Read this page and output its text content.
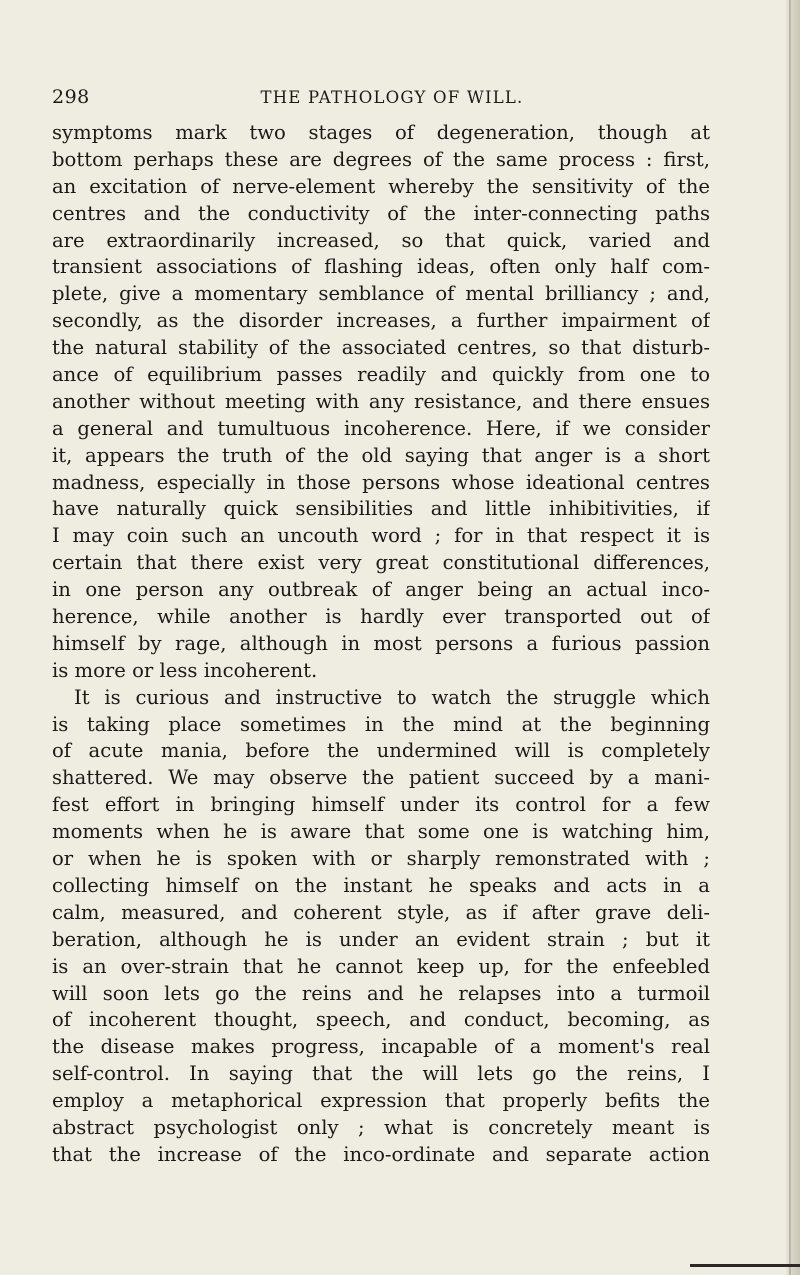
298	THE PATHOLOGY OF WILL.
symptoms mark two stages of degeneration, though at
bottom perhaps these are degrees of the same process : first,
an excitation of nerve-element whereby the sensitivity of the
centres and the conductivity of the inter-connecting paths
are extraordinarily increased, so that quick, varied and
transient associations of flashing ideas, often only half com-
plete, give a momentary semblance of mental brilliancy ; and,
secondly, as the disorder increases, a further impairment of
the natural stability of the associated centres, so that disturb-
ance of equilibrium passes readily and quickly from one to
another without meeting with any resistance, and there ensues
a general and tumultuous incoherence. Here, if we consider
it, appears the truth of the old saying that anger is a short
madness, especially in those persons whose ideational centres
have naturally quick sensibilities and little inhibitivities, if
I may coin such an uncouth word ; for in that respect it is
certain that there exist very great constitutional differences,
in one person any outbreak of anger being an actual inco-
herence, while another is hardly ever transported out of
himself by rage, although in most persons a furious passion
is more or less incoherent.
It is curious and instructive to watch the struggle which
is taking place sometimes in the mind at the beginning
of acute mania, before the undermined will is completely
shattered. We may observe the patient succeed by a mani-
fest effort in bringing himself under its control for a few
moments when he is aware that some one is watching him,
or when he is spoken with or sharply remonstrated with ;
collecting himself on the instant he speaks and acts in a
calm, measured, and coherent style, as if after grave deli-
beration, although he is under an evident strain ; but it
is an over-strain that he cannot keep up, for the enfeebled
will soon lets go the reins and he relapses into a turmoil
of incoherent thought, speech, and conduct, becoming, as
the disease makes progress, incapable of a moment's real
self-control. In saying that the will lets go the reins, I
employ a metaphorical expression that properly befits the
abstract psychologist only ; what is concretely meant is
that the increase of the inco-ordinate and separate action
